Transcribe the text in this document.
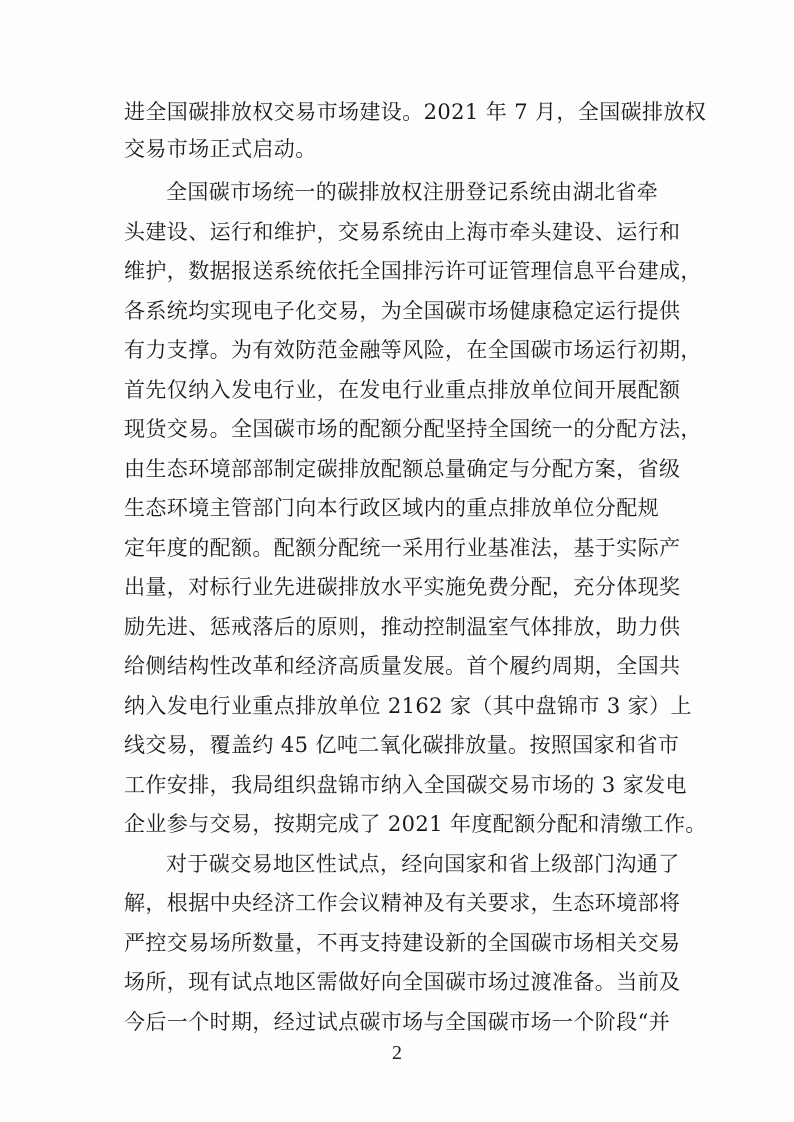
进全国碳排放权交易市场建设。2021 年 7 月，全国碳排放权
交易市场正式启动。
全国碳市场统一的碳排放权注册登记系统由湖北省牵
头建设、运行和维护，交易系统由上海市牵头建设、运行和
维护，数据报送系统依托全国排污许可证管理信息平台建成，
各系统均实现电子化交易，为全国碳市场健康稳定运行提供
有力支撑。为有效防范金融等风险，在全国碳市场运行初期，
首先仅纳入发电行业，在发电行业重点排放单位间开展配额
现货交易。全国碳市场的配额分配坚持全国统一的分配方法，
由生态环境部部制定碳排放配额总量确定与分配方案，省级
生态环境主管部门向本行政区域内的重点排放单位分配规
定年度的配额。配额分配统一采用行业基准法，基于实际产
出量，对标行业先进碳排放水平实施免费分配，充分体现奖
励先进、惩戒落后的原则，推动控制温室气体排放，助力供
给侧结构性改革和经济高质量发展。首个履约周期，全国共
纳入发电行业重点排放单位 2162 家（其中盘锦市 3 家）上
线交易，覆盖约 45 亿吨二氧化碳排放量。按照国家和省市
工作安排，我局组织盘锦市纳入全国碳交易市场的 3 家发电
企业参与交易，按期完成了 2021 年度配额分配和清缴工作。
对于碳交易地区性试点，经向国家和省上级部门沟通了
解，根据中央经济工作会议精神及有关要求，生态环境部将
严控交易场所数量，不再支持建设新的全国碳市场相关交易
场所，现有试点地区需做好向全国碳市场过渡准备。当前及
今后一个时期，经过试点碳市场与全国碳市场一个阶段“并
2
